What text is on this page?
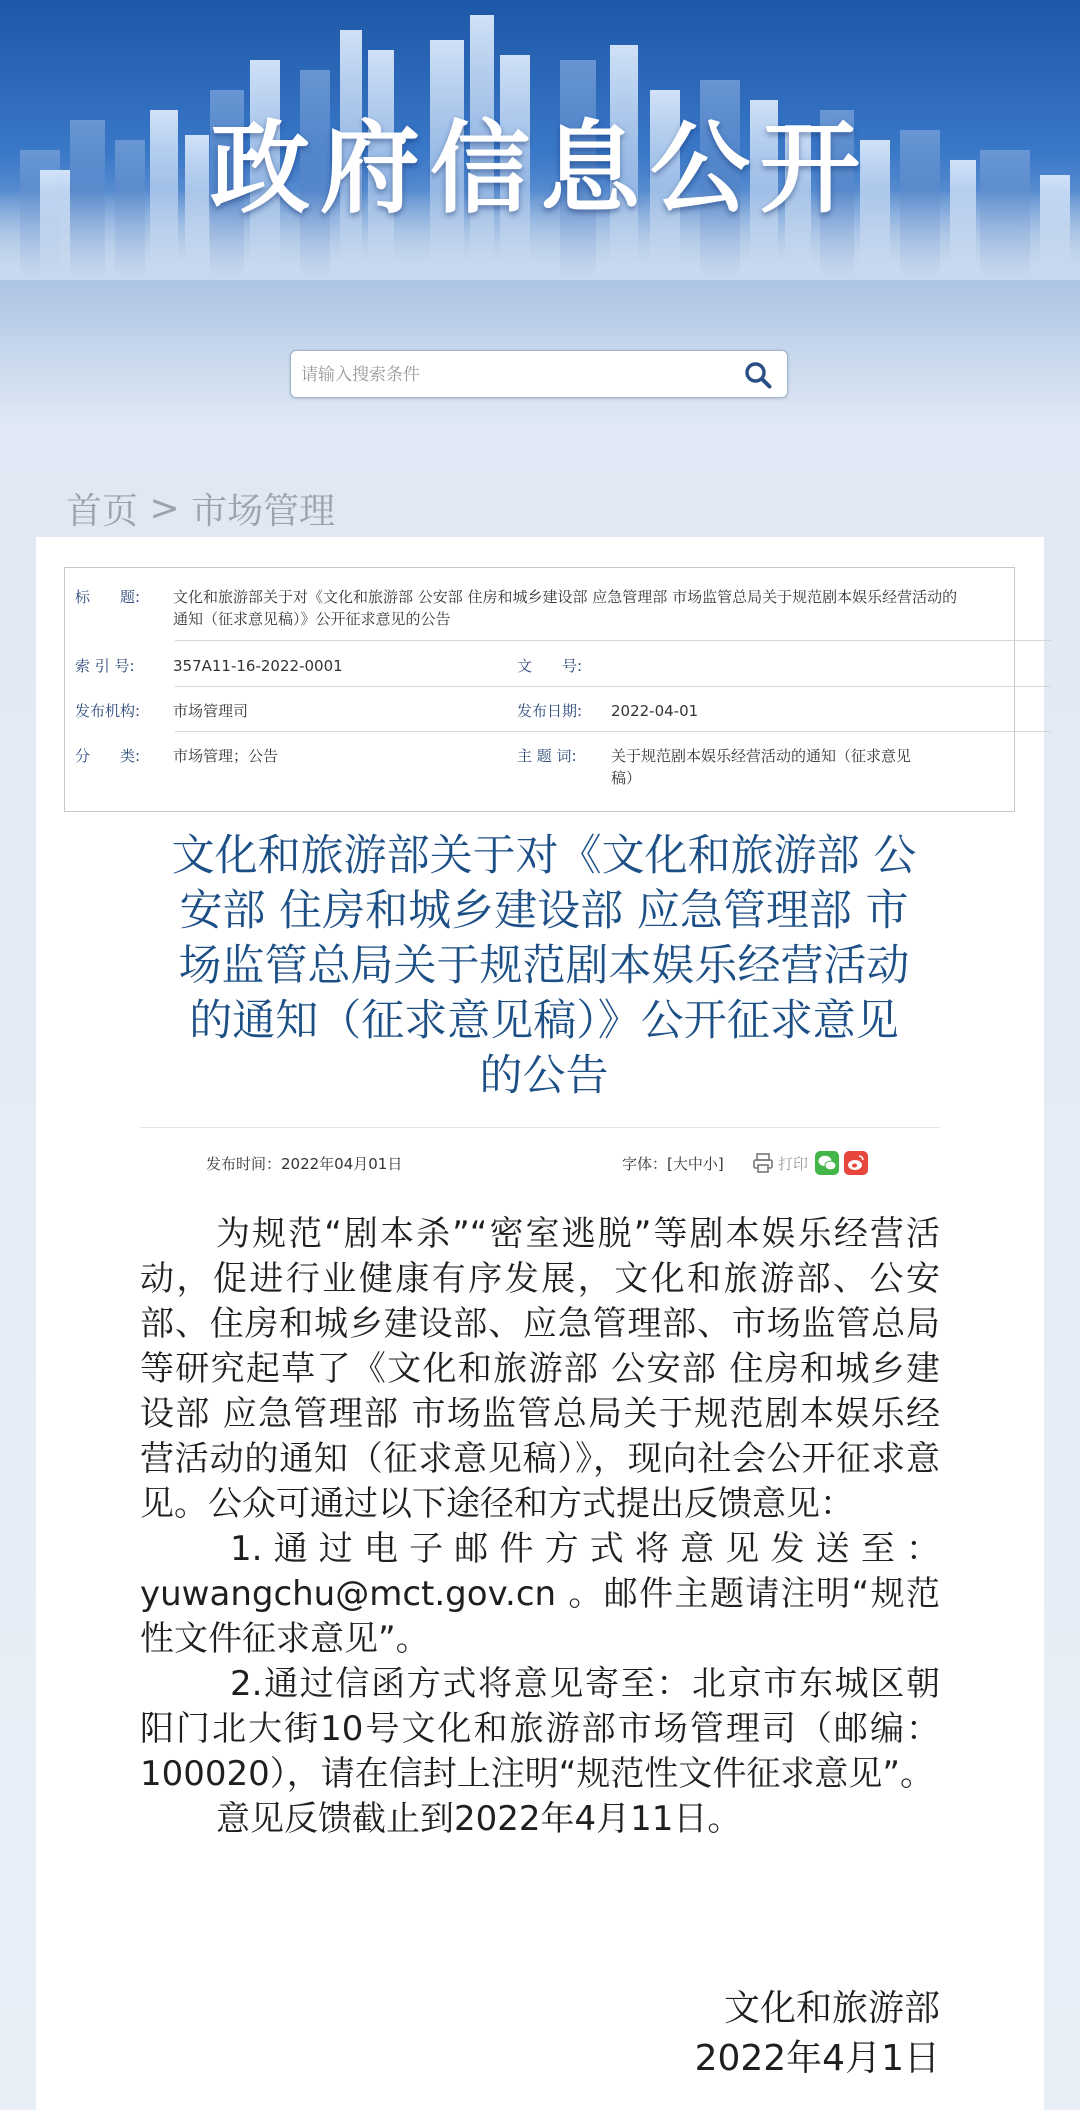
政府信息公开
请输入搜索条件
首页 > 市场管理
标　　题:	文化和旅游部关于对《文化和旅游部 公安部 住房和城乡建设部 应急管理部 市场监管总局关于规范剧本娱乐经营活动的
通知（征求意见稿）》公开征求意见的公告
索 引 号:	357A11-16-2022-0001	文　　号:
发布机构:	市场管理司	发布日期:	2022-04-01
分　　类:	市场管理；公告	主 题 词:	关于规范剧本娱乐经营活动的通知（征求意见
稿）
文化和旅游部关于对《文化和旅游部 公
安部 住房和城乡建设部 应急管理部 市
场监管总局关于规范剧本娱乐经营活动
的通知（征求意见稿）》公开征求意见
的公告
发布时间：2022年04月01日	字体：[大中小]	打印

为规范“剧本杀”“密室逃脱”等剧本娱乐经营活动，促进行业健康有序发展，文化和旅游部、公安部、住房和城乡建设部、应急管理部、市场监管总局等研究起草了《文化和旅游部 公安部 住房和城乡建设部 应急管理部 市场监管总局关于规范剧本娱乐经营活动的通知（征求意见稿）》，现向社会公开征求意见。公众可通过以下途径和方式提出反馈意见：

1.通过电子邮件方式将意见发送至：yuwangchu@mct.gov.cn 。邮件主题请注明“规范性文件征求意见”。

2.通过信函方式将意见寄至：北京市东城区朝阳门北大街10号文化和旅游部市场管理司（邮编：100020），请在信封上注明“规范性文件征求意见”。

意见反馈截止到2022年4月11日。

文化和旅游部
2022年4月1日
